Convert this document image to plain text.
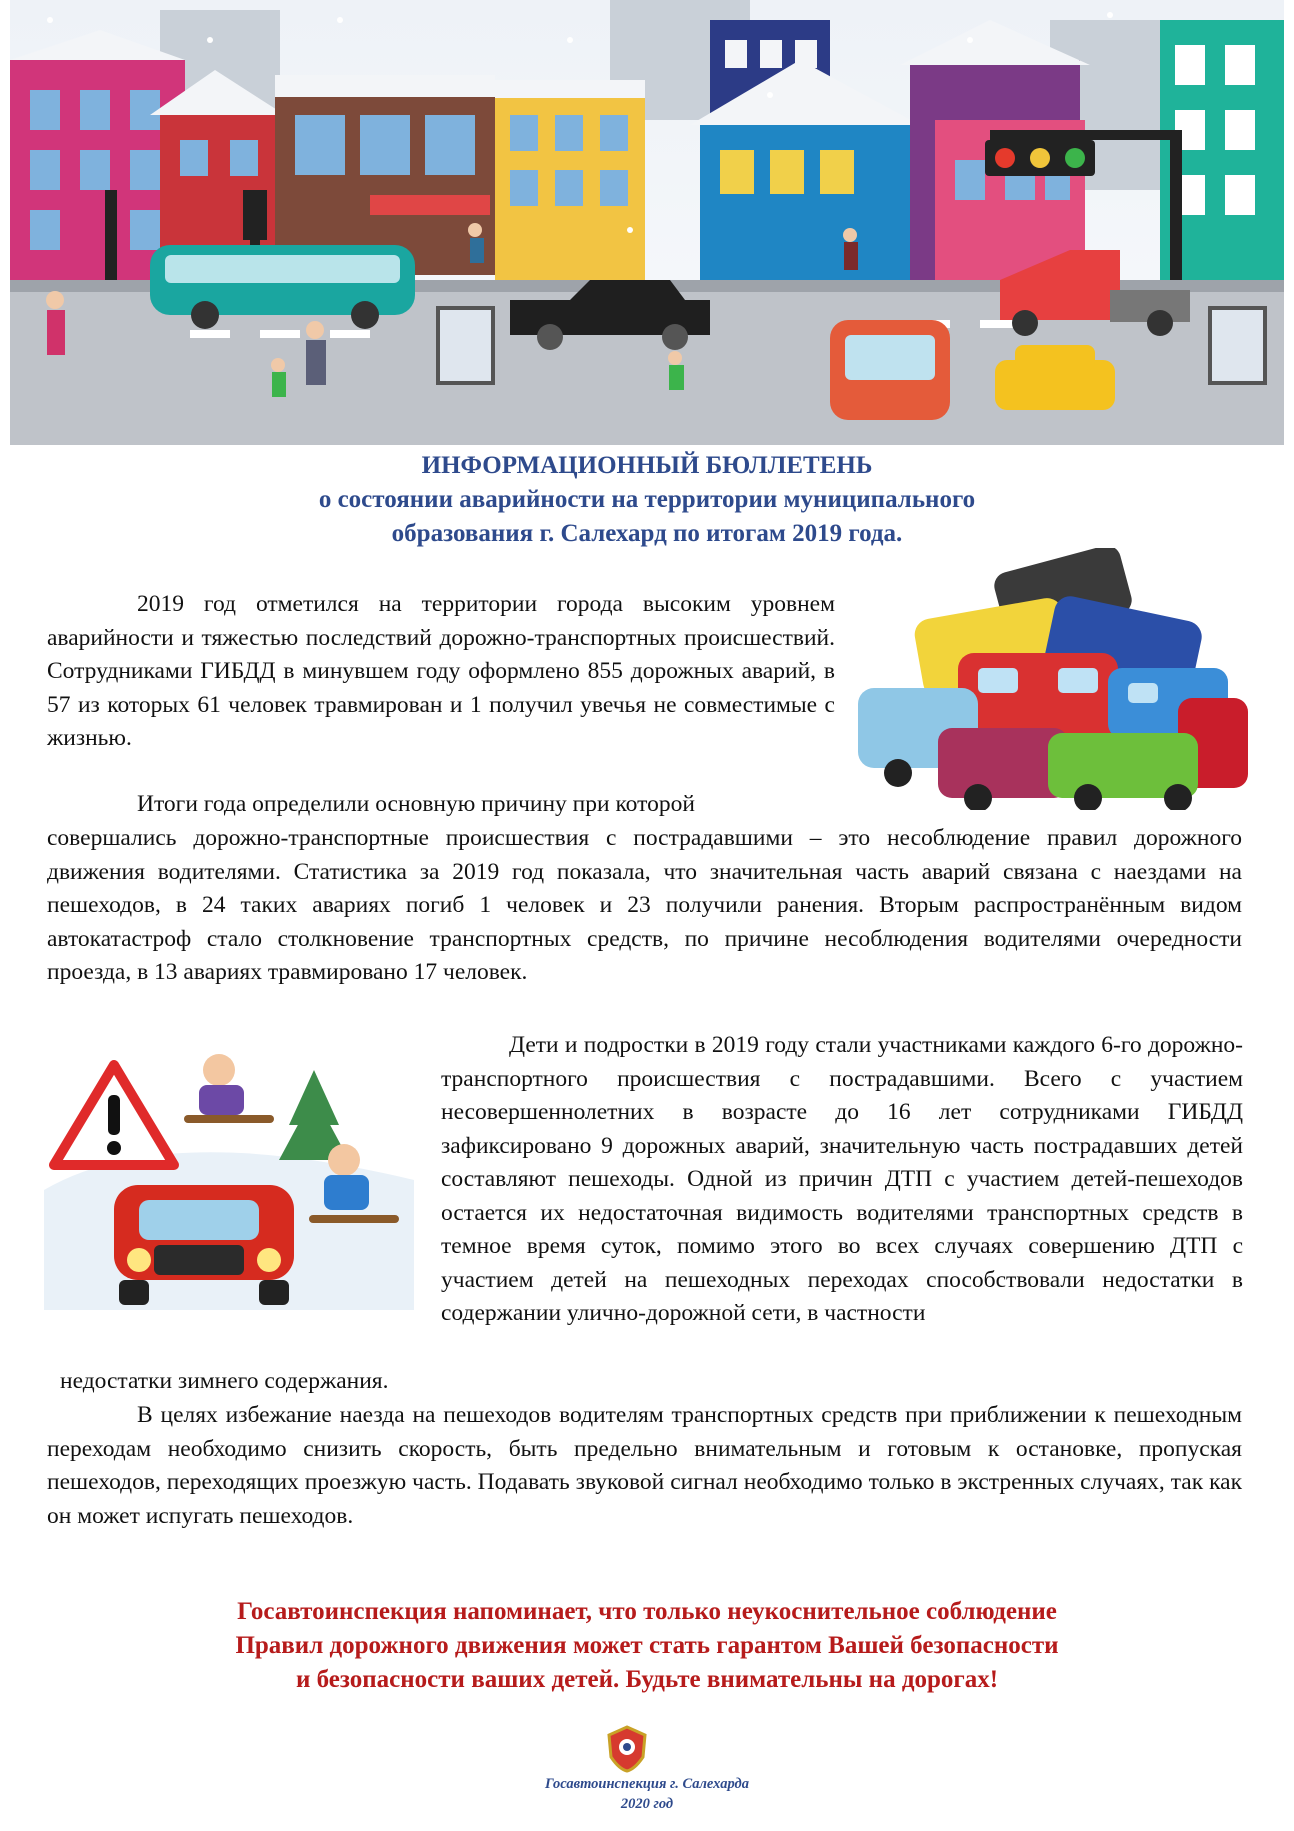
ИНФОРМАЦИОННЫЙ БЮЛЛЕТЕНЬ
о состоянии аварийности на территории муниципального
образования г. Салехард по итогам 2019 года.

2019 год отметился на территории города высоким уровнем аварийности и тяжестью последствий дорожно-транспортных происшествий. Сотрудниками ГИБДД в минувшем году оформлено 855 дорожных аварий, в 57 из которых 61 человек травмирован и 1 получил увечья не совместимые с жизнью.

Итоги года определили основную причину при которой

совершались дорожно-транспортные происшествия с пострадавшими – это несоблюдение правил дорожного движения водителями. Статистика за 2019 год показала, что значительная часть аварий связана с наездами на пешеходов, в 24 таких авариях погиб 1 человек и 23 получили ранения. Вторым распространённым видом автокатастроф стало столкновение транспортных средств, по причине несоблюдения водителями очередности проезда, в 13 авариях травмировано 17 человек.

Дети и подростки в 2019 году стали участниками каждого 6-го дорожно-транспортного происшествия с пострадавшими. Всего с участием несовершеннолетних в возрасте до 16 лет сотрудниками ГИБДД зафиксировано 9 дорожных аварий, значительную часть пострадавших детей составляют пешеходы. Одной из причин ДТП с участием детей-пешеходов остается их недостаточная видимость водителями транспортных средств в темное время суток, помимо этого во всех случаях совершению ДТП с участием детей на пешеходных переходах способствовали недостатки в содержании улично-дорожной сети, в частности

недостатки зимнего содержания.

В целях избежание наезда на пешеходов водителям транспортных средств при приближении к пешеходным переходам необходимо снизить скорость, быть предельно внимательным и готовым к остановке, пропуская пешеходов, переходящих проезжую часть. Подавать звуковой сигнал необходимо только в экстренных случаях, так как он может испугать пешеходов.

Госавтоинспекция напоминает, что только неукоснительное соблюдение
Правил дорожного движения может стать гарантом Вашей безопасности
и безопасности ваших детей. Будьте внимательны на дорогах!
Госавтоинспекция г. Салехарда
2020 год
